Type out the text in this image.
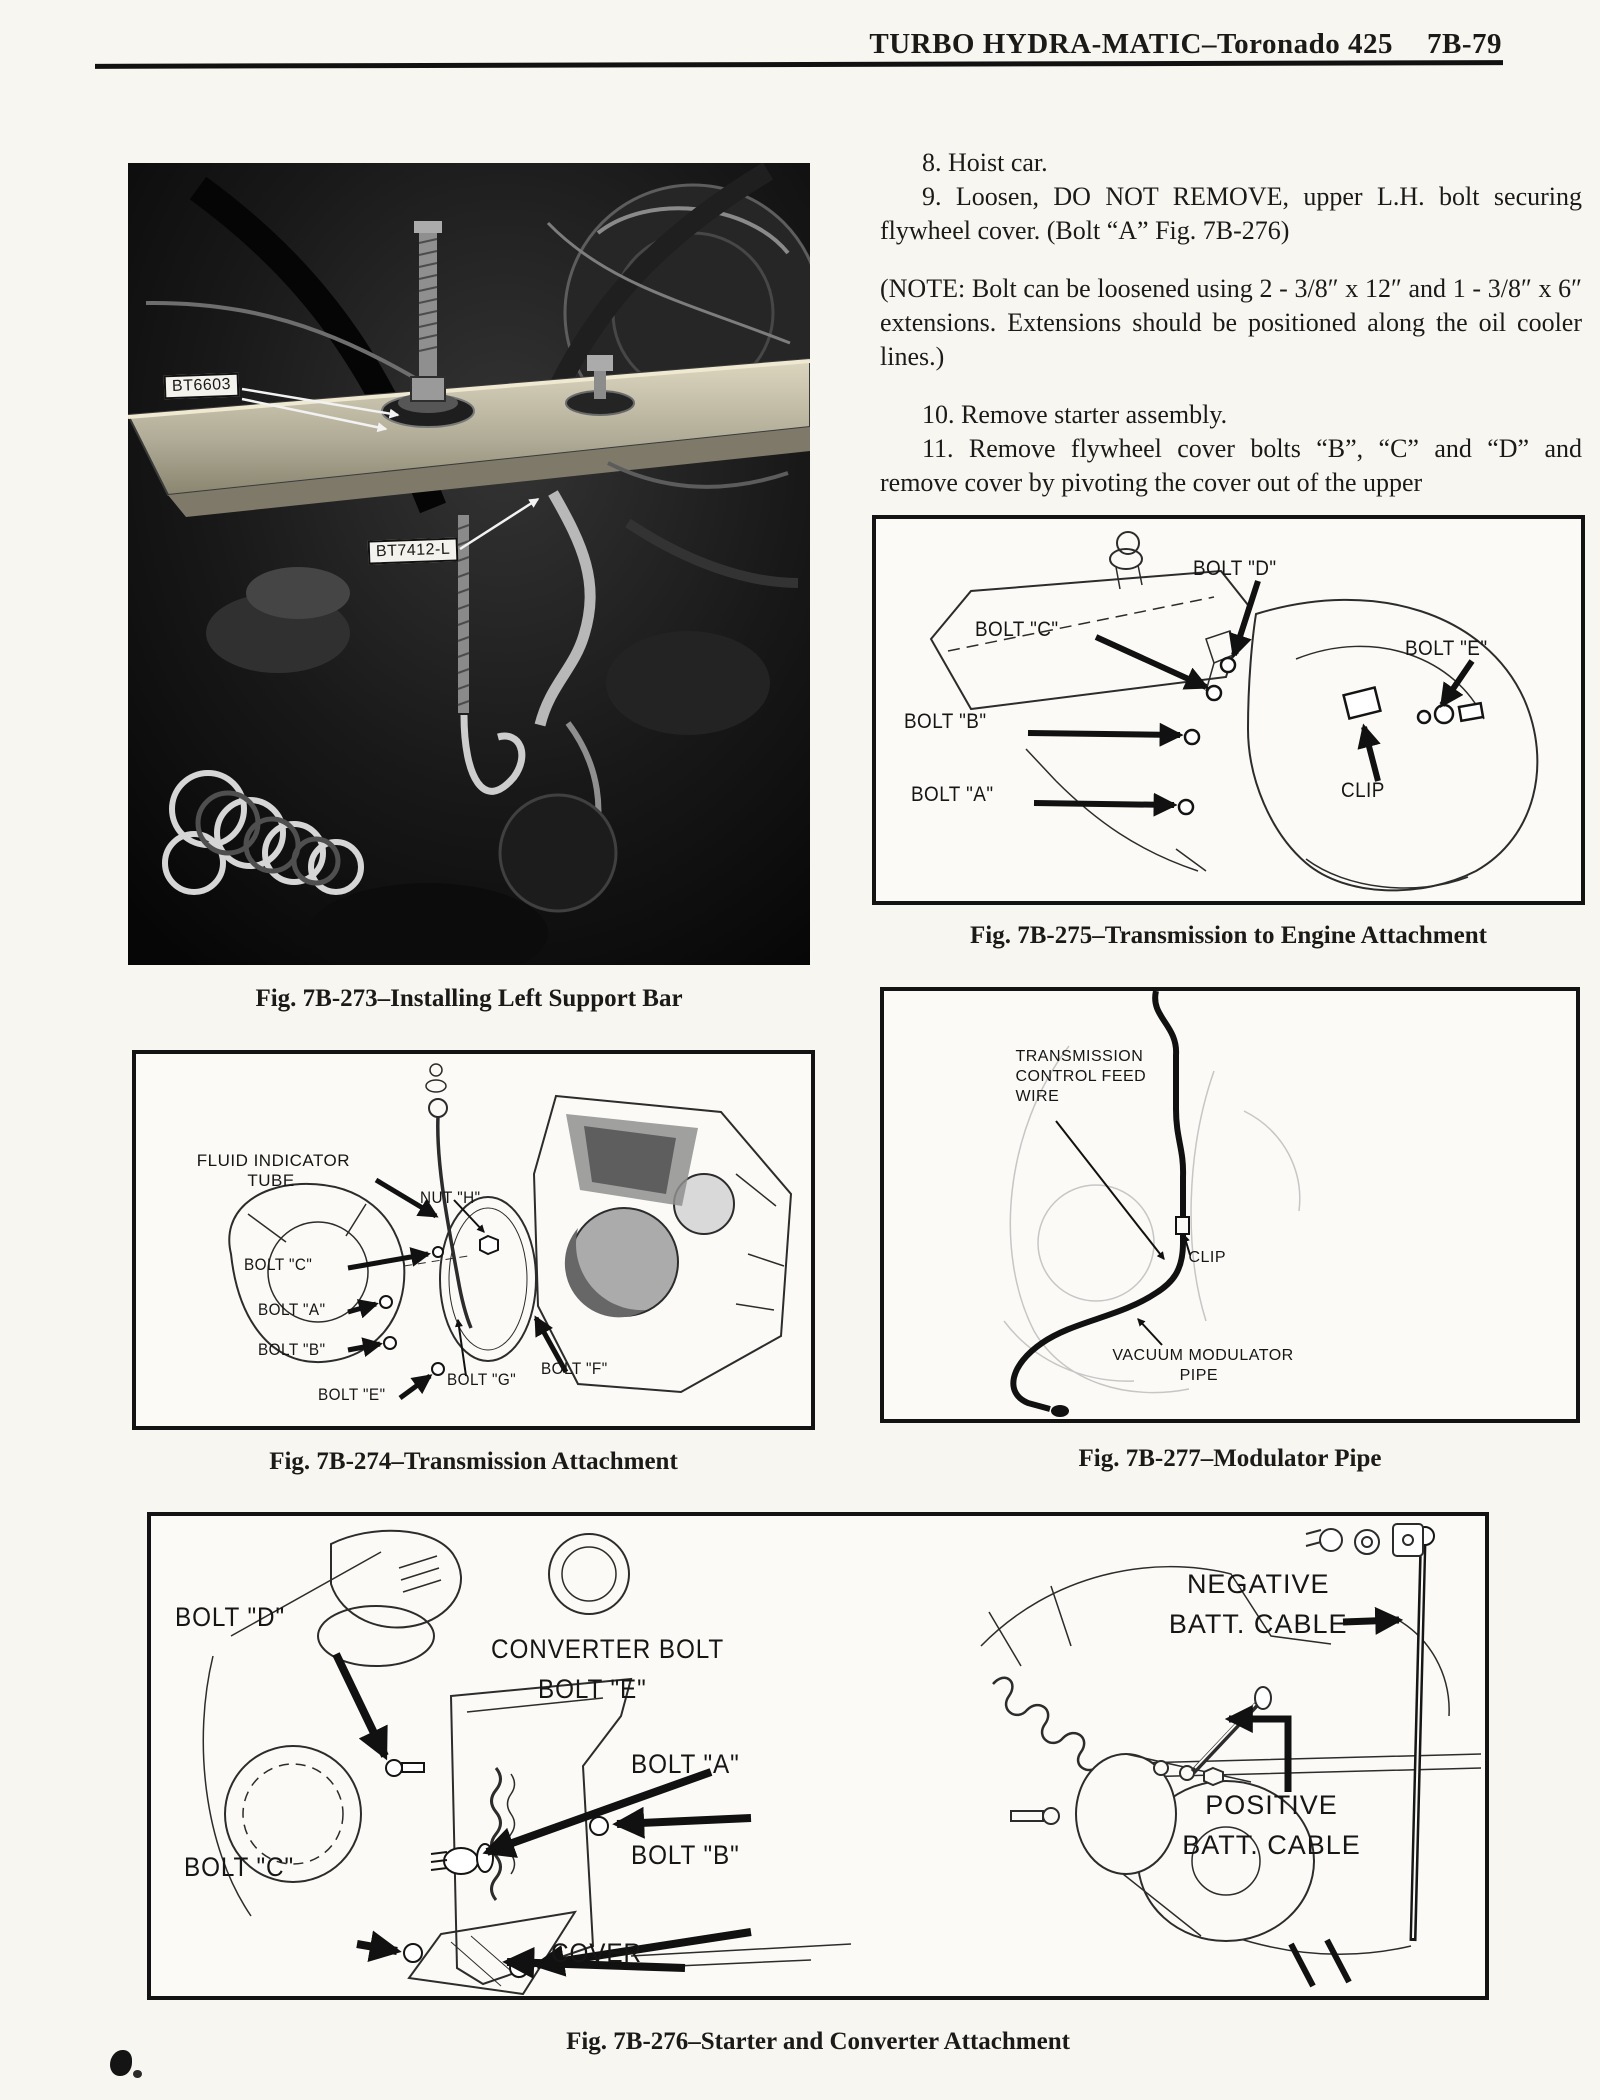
TURBO HYDRA-MATIC–Toronado 425 7B-79
BT6603
BT7412-L
Fig. 7B-273–Installing Left Support Bar

8. Hoist car.

9. Loosen, DO NOT REMOVE, upper L.H. bolt securing flywheel cover. (Bolt “A” Fig. 7B-276)

(NOTE: Bolt can be loosened using 2 - 3/8″ x 12″ and 1 - 3/8″ x 6″ extensions. Extensions should be positioned along the oil cooler lines.)

10. Remove starter assembly.

11. Remove flywheel cover bolts “B”, “C” and “D” and remove cover by pivoting the cover out of the upper

BOLT "D"
BOLT "C"
BOLT "E"
BOLT "B"
BOLT "A"	CLIP
Fig. 7B-275–Transmission to Engine Attachment
FLUID INDICATOR
TUBE
NUT "H"
BOLT "C"
BOLT "A"
BOLT "B"
BOLT "E"
BOLT "G"
BOLT "F"
Fig. 7B-274–Transmission Attachment
TRANSMISSION
CONTROL FEED
WIRE
CLIP
VACUUM MODULATOR
PIPE
Fig. 7B-277–Modulator Pipe
BOLT "D"
CONVERTER BOLT
BOLT "E"
BOLT "A"
BOLT "C"	BOLT "B"
COVER
NEGATIVE
BATT. CABLE
POSITIVE
BATT. CABLE
Fig. 7B-276–Starter and Converter Attachment
